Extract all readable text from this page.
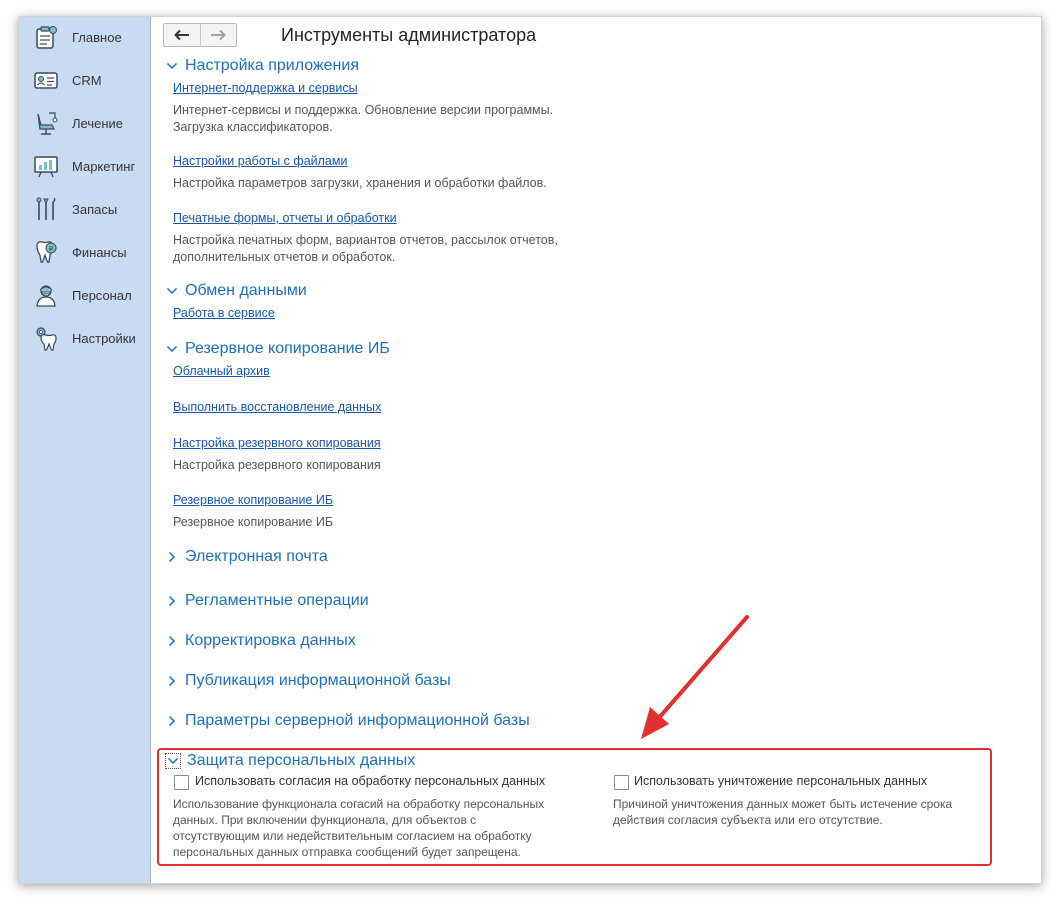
Главное
CRM
Лечение
Маркетинг
Запасы
₽ Финансы
Персонал
Настройки
Инструменты администратора
Настройка приложения
Интернет-поддержка и сервисы
Интернет-сервисы и поддержка. Обновление версии программы.
Загрузка классификаторов.
Настройки работы с файлами
Настройка параметров загрузки, хранения и обработки файлов.
Печатные формы, отчеты и обработки
Настройка печатных форм, вариантов отчетов, рассылок отчетов,
дополнительных отчетов и обработок.
Обмен данными
Работа в сервисе
Резервное копирование ИБ
Облачный архив
Выполнить восстановление данных
Настройка резервного копирования
Настройка резервного копирования
Резервное копирование ИБ
Резервное копирование ИБ
Электронная почта
Регламентные операции
Корректировка данных
Публикация информационной базы
Параметры серверной информационной базы
Защита персональных данных
Использовать согласия на обработку персональных данных
Использование функционала согасий на обработку персональных
данных. При включении функционала, для объектов с
отсутствующим или недействительным согласием на обработку
персональных данных отправка сообщений будет запрещена.
Использовать уничтожение персональных данных
Причиной уничтожения данных может быть истечение срока
действия согласия субъекта или его отсутствие.
